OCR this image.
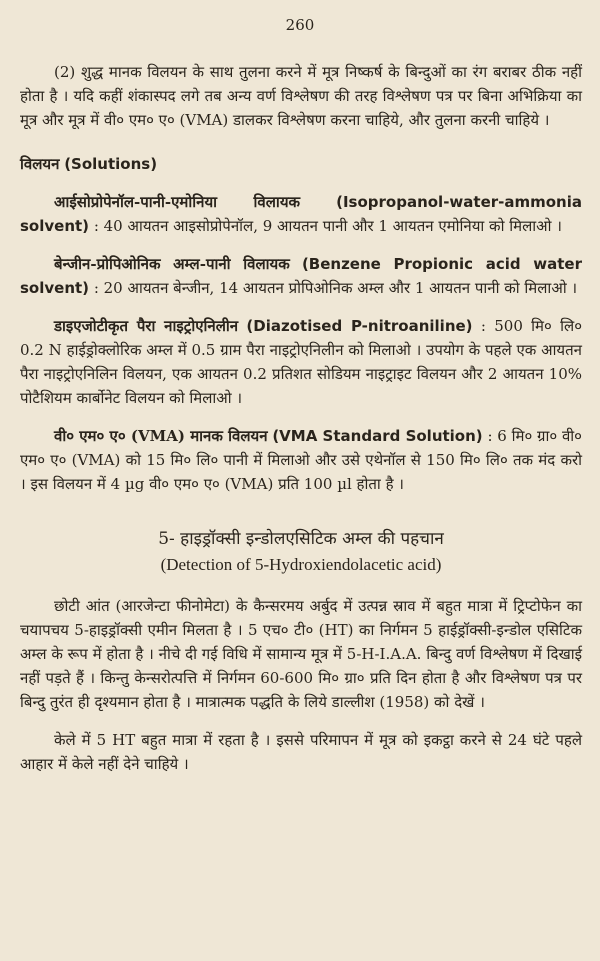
260

(2) शुद्ध मानक विलयन के साथ तुलना करने में मूत्र निष्कर्ष के बिन्दुओं का रंग बराबर ठीक नहीं होता है । यदि कहीं शंकास्पद लगे तब अन्य वर्ण विश्लेषण की तरह विश्लेषण पत्र पर बिना अभिक्रिया का मूत्र और मूत्र में वी० एम० ए० (VMA) डालकर विश्लेषण करना चाहिये, और तुलना करनी चाहिये ।

विलयन (Solutions)

आईसोप्रोपेनॉल-पानी-एमोनिया विलायक (Isopropanol-water-ammonia solvent) : 40 आयतन आइसोप्रोपेनॉल, 9 आयतन पानी और 1 आयतन एमोनिया को मिलाओ ।

बेन्जीन-प्रोपिओनिक अम्ल-पानी विलायक (Benzene Propionic acid water solvent) : 20 आयतन बेन्जीन, 14 आयतन प्रोपिओनिक अम्ल और 1 आयतन पानी को मिलाओ ।

डाइएजोटीकृत पैरा नाइट्रोएनिलीन (Diazotised P-nitroaniline) : 500 मि० लि० 0.2 N हाईड्रोक्लोरिक अम्ल में 0.5 ग्राम पैरा नाइट्रोएनिलीन को मिलाओ । उपयोग के पहले एक आयतन पैरा नाइट्रोएनिलिन विलयन, एक आयतन 0.2 प्रतिशत सोडियम नाइट्राइट विलयन और 2 आयतन 10% पोटैशियम कार्बोनेट विलयन को मिलाओ ।

वी० एम० ए० (VMA) मानक विलयन (VMA Standard Solution) : 6 मि० ग्रा० वी० एम० ए० (VMA) को 15 मि० लि० पानी में मिलाओ और उसे एथेनॉल से 150 मि० लि० तक मंद करो । इस विलयन में 4 µg वी० एम० ए० (VMA) प्रति 100 µl होता है ।

5- हाइड्रॉक्सी इन्डोलएसिटिक अम्ल की पहचान
(Detection of 5-Hydroxiendolacetic acid)

छोटी आंत (आरजेन्टा फीनोमेटा) के कैन्सरमय अर्बुद में उत्पन्न स्राव में बहुत मात्रा में ट्रिप्टोफेन का चयापचय 5-हाइड्रॉक्सी एमीन मिलता है । 5 एच० टी० (HT) का निर्गमन 5 हाईड्रॉक्सी-इन्डोल एसिटिक अम्ल के रूप में होता है । नीचे दी गई विधि में सामान्य मूत्र में 5-H-I.A.A. बिन्दु वर्ण विश्लेषण में दिखाई नहीं पड़ते हैं । किन्तु केन्सरोत्पत्ति में निर्गमन 60-600 मि० ग्रा० प्रति दिन होता है और विश्लेषण पत्र पर बिन्दु तुरंत ही दृश्यमान होता है । मात्रात्मक पद्धति के लिये डाल्लीश (1958) को देखें ।

केले में 5 HT बहुत मात्रा में रहता है । इससे परिमापन में मूत्र को इकट्ठा करने से 24 घंटे पहले आहार में केले नहीं देने चाहिये ।
